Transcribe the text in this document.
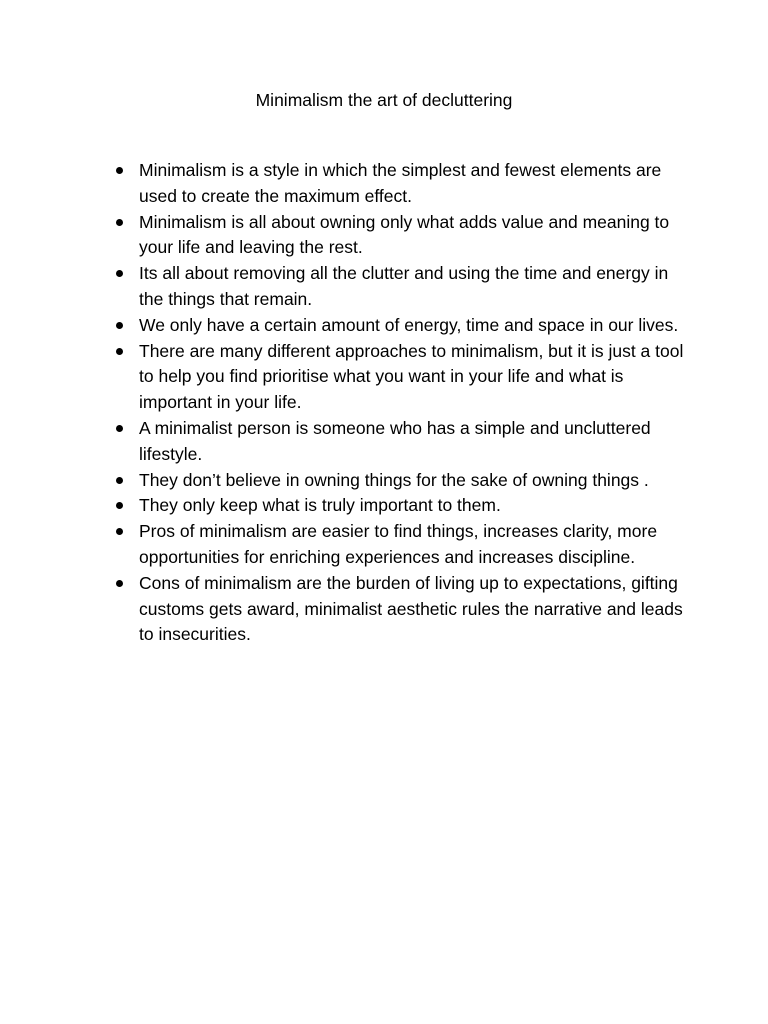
Minimalism the art of decluttering
Minimalism is a style in which the simplest and fewest elements are used to create the maximum effect.
Minimalism is all about owning only what adds value and meaning to your life and leaving the rest.
Its all about removing all the clutter and using the time and energy in the things that remain.
We only have a certain amount of energy, time and space in our lives.
There are many different approaches to minimalism, but it is just a tool to help you find prioritise what you want in your life and what is important in your life.
A minimalist person is someone who has a simple and uncluttered lifestyle.
They don’t believe in owning things for the sake of owning things .
They only keep what is truly important to them.
Pros of minimalism are easier to find things, increases clarity, more opportunities for enriching experiences and increases discipline.
Cons of minimalism are the burden of living up to expectations, gifting customs gets award, minimalist aesthetic rules the narrative and leads to insecurities.
